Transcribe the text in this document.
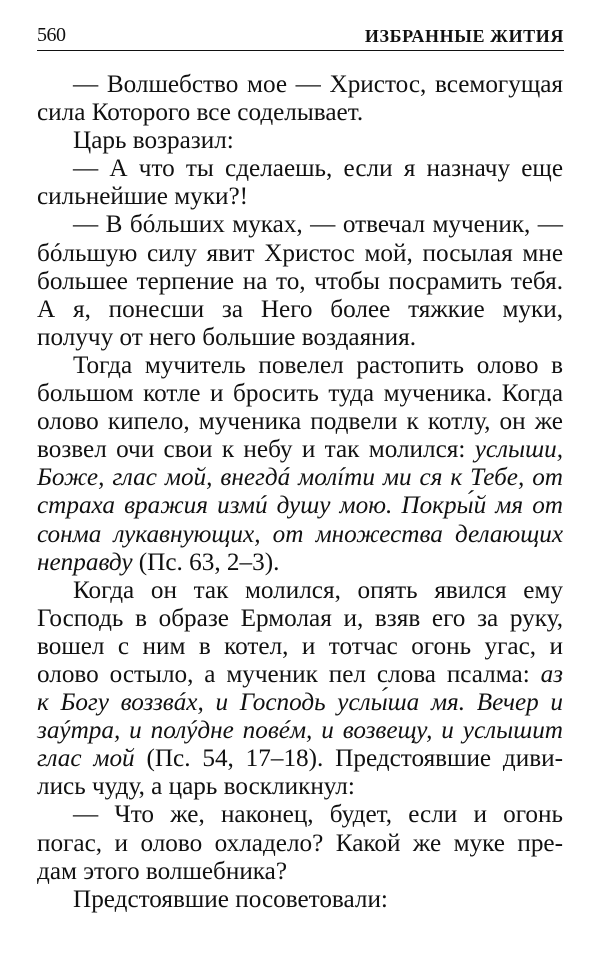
560	ИЗБРАННЫЕ ЖИТИЯ
— Волшебство мое — Христос, всемогущая
сила Которого все соделывает.
Царь возразил:
— А что ты сделаешь, если я назначу еще
сильнейшие муки?!
— В бóльших муках, — отвечал мученик, —
бóльшую силу явит Христос мой, посылая мне
большее терпение на то, чтобы посрамить тебя.
А я, понесши за Него более тяжкие муки,
получу от него большие воздаяния.
Тогда мучитель повелел растопить олово в
большом котле и бросить туда мученика. Когда
олово кипело, мученика подвели к котлу, он же
возвел очи свои к небу и так молился: услыши,
Боже, глас мой, внегдá молíти ми ся к Тебе, от
страха вражия измú душу мою. Покры́й мя от
сонма лукавнующих, от множества делающих
неправду (Пс. 63, 2–3).
Когда он так молился, опять явился ему
Господь в образе Ермолая и, взяв его за руку,
вошел с ним в котел, и тотчас огонь угас, и
олово остыло, а мученик пел слова псалма: аз
к Богу воззвáх, и Господь услы́ша мя. Вечер и
заýтра, и полýдне повéм, и возвещу, и услышит
глас мой (Пс. 54, 17–18). Предстоявшие диви-
лись чуду, а царь воскликнул:
— Что же, наконец, будет, если и огонь
погас, и олово охладело? Какой же муке пре-
дам этого волшебника?
Предстоявшие посоветовали:
